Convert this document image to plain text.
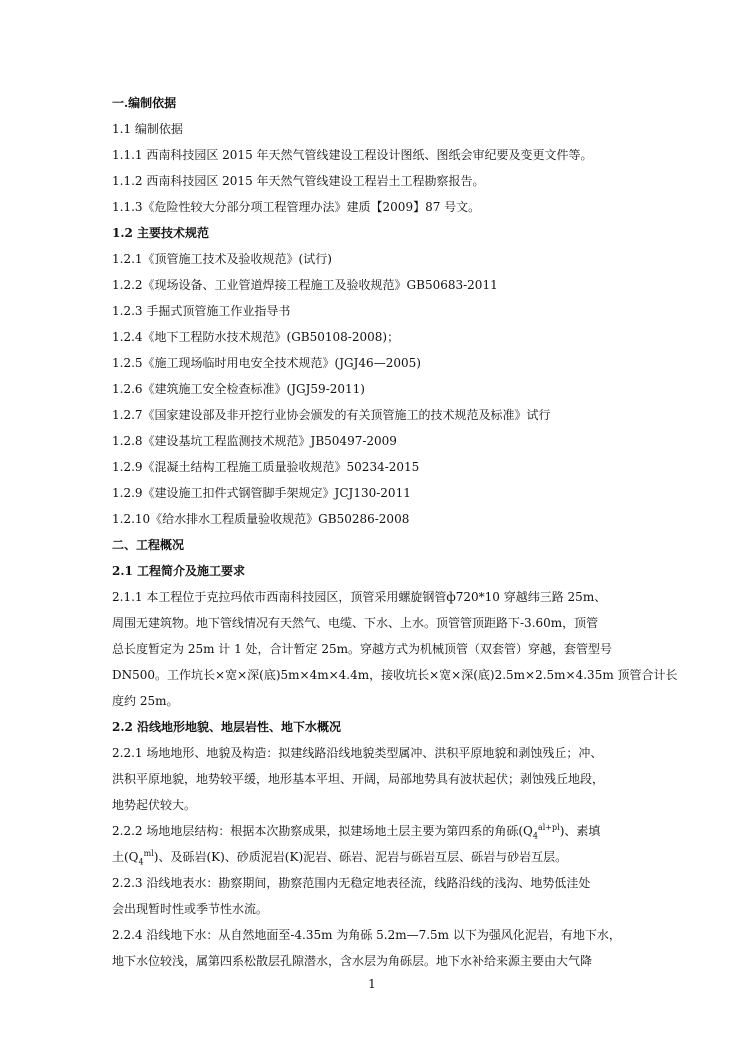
一.编制依据
1.1 编制依据
1.1.1 西南科技园区 2015 年天然气管线建设工程设计图纸、图纸会审纪要及变更文件等。
1.1.2 西南科技园区 2015 年天然气管线建设工程岩土工程勘察报告。
1.1.3《危险性较大分部分项工程管理办法》建质【2009】87 号文。
1.2 主要技术规范
1.2.1《顶管施工技术及验收规范》(试行)
1.2.2《现场设备、工业管道焊接工程施工及验收规范》GB50683-2011
1.2.3 手掘式顶管施工作业指导书
1.2.4《地下工程防水技术规范》(GB50108-2008)；
1.2.5《施工现场临时用电安全技术规范》(JGJ46—2005)
1.2.6《建筑施工安全检查标准》(JGJ59-2011)
1.2.7《国家建设部及非开挖行业协会颁发的有关顶管施工的技术规范及标准》试行
1.2.8《建设基坑工程监测技术规范》JB50497-2009
1.2.9《混凝土结构工程施工质量验收规范》50234-2015
1.2.9《建设施工扣件式钢管脚手架规定》JCJ130-2011
1.2.10《给水排水工程质量验收规范》GB50286-2008
二、工程概况
2.1 工程简介及施工要求
2.1.1 本工程位于克拉玛依市西南科技园区，顶管采用螺旋钢管ф720*10 穿越纬三路 25m、
周围无建筑物。地下管线情况有天然气、电缆、下水、上水。顶管管顶距路下-3.60m，顶管
总长度暂定为 25m 计 1 处，合计暂定 25m。穿越方式为机械顶管（双套管）穿越，套管型号
DN500。工作坑长×宽×深(底)5m×4m×4.4m，接收坑长×宽×深(底)2.5m×2.5m×4.35m 顶管合计长
度约 25m。
2.2 沿线地形地貌、地层岩性、地下水概况
2.2.1 场地地形、地貌及构造：拟建线路沿线地貌类型属冲、洪积平原地貌和剥蚀残丘；冲、
洪积平原地貌，地势较平缓，地形基本平坦、开阔，局部地势具有波状起伏；剥蚀残丘地段，
地势起伏较大。
2.2.2 场地地层结构：根据本次勘察成果，拟建场地土层主要为第四系的角砾$(Q_4^{al+pl})$、素填
土$(Q_4^{ml})$、及砾岩(K)、砂质泥岩(K)泥岩、砾岩、泥岩与砾岩互层、砾岩与砂岩互层。
2.2.3 沿线地表水：勘察期间，勘察范围内无稳定地表径流，线路沿线的浅沟、地势低洼处
会出现暂时性或季节性水流。
2.2.4 沿线地下水：从自然地面至-4.35m 为角砾 5.2m—7.5m 以下为强风化泥岩，有地下水，
地下水位较浅，属第四系松散层孔隙潜水，含水层为角砾层。地下水补给来源主要由大气降
1
